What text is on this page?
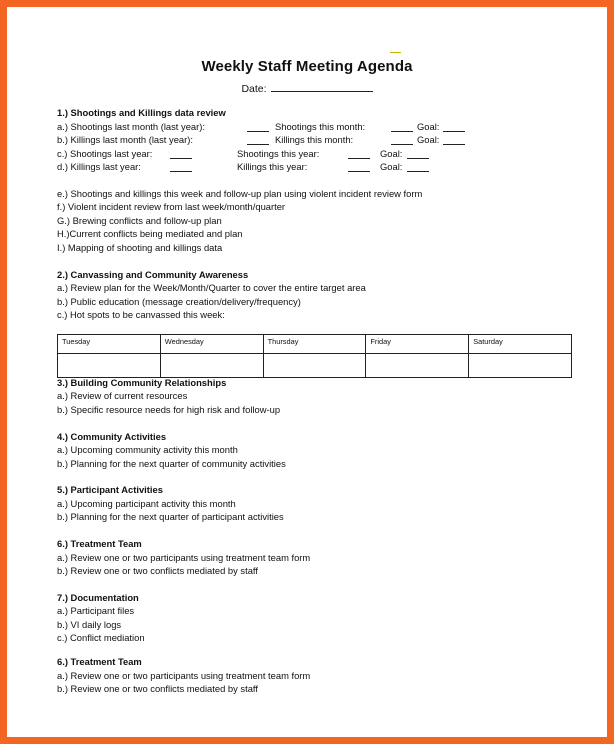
Weekly Staff Meeting Agenda
Date:
1.) Shootings and Killings data review
a.) Shootings last month (last year):	Shootings this month:	Goal:
b.) Killings last month (last year):	Killings this month:	Goal:
c.) Shootings last year:	Shootings this year:	Goal:
d.) Killings last year:	Killings this year:	Goal:
e.) Shootings and killings this week and follow-up plan using violent incident review form
f.) Violent incident review from last week/month/quarter
G.) Brewing conflicts and follow-up plan
H.)Current conflicts being mediated and plan
I.) Mapping of shooting and killings data
2.) Canvassing and Community Awareness
a.) Review plan for the Week/Month/Quarter to cover the entire target area
b.) Public education (message creation/delivery/frequency)
c.) Hot spots to be canvassed this week:
Tuesday	Wednesday	Thursday	Friday	Saturday

3.) Building Community Relationships
a.) Review of current resources
b.) Specific resource needs for high risk and follow-up
4.) Community Activities
a.) Upcoming community activity this month
b.) Planning for the next quarter of community activities
5.) Participant Activities
a.) Upcoming participant activity this month
b.) Planning for the next quarter of participant activities
6.) Treatment Team
a.) Review one or two participants using treatment team form
b.) Review one or two conflicts mediated by staff
7.) Documentation
a.) Participant files
b.) VI daily logs
c.) Conflict mediation
6.) Treatment Team
a.) Review one or two participants using treatment team form
b.) Review one or two conflicts mediated by staff
